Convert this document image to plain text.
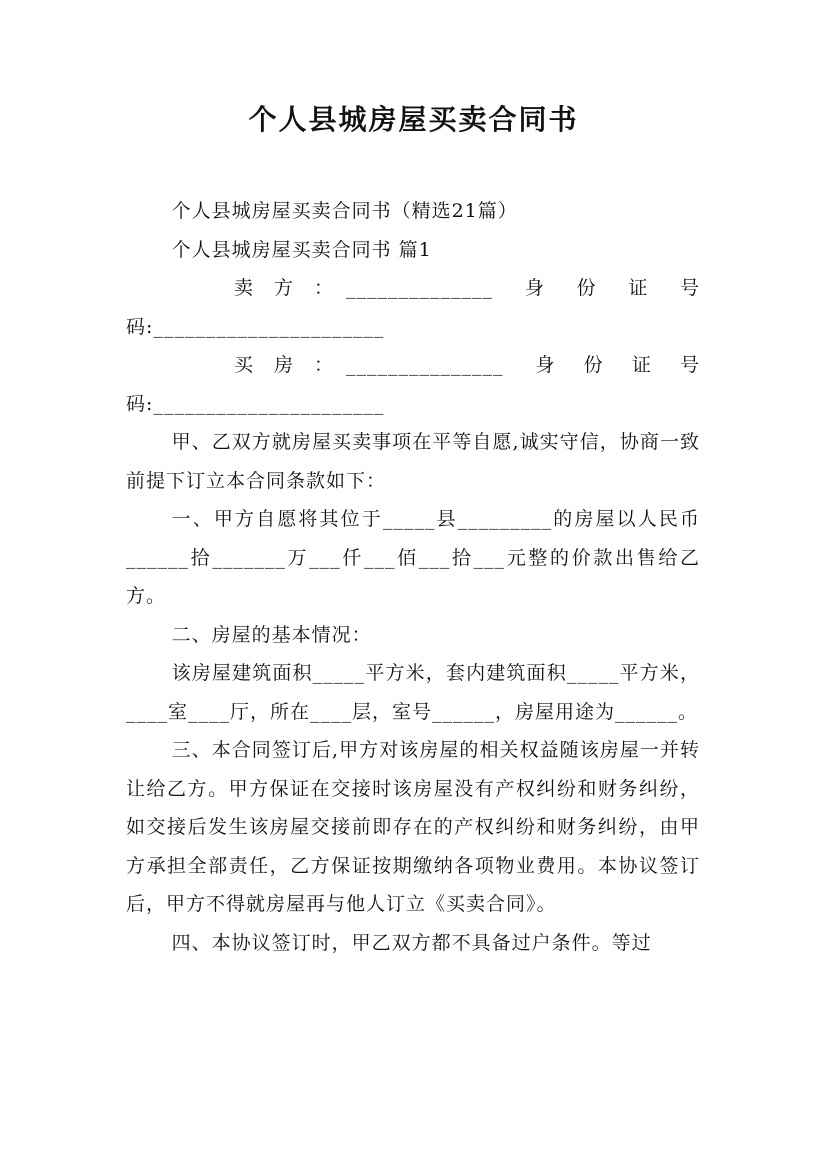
个人县城房屋买卖合同书

个人县城房屋买卖合同书（精选21篇）

个人县城房屋买卖合同书 篇1

卖　方　： ______________ 身 份 证 号

码:______________________

买　房　： _______________ 身 份 证 号

码:______________________

甲、乙双方就房屋买卖事项在平等自愿,诚实守信，协商一致前提下订立本合同条款如下：

一、甲方自愿将其位于_____县_________的房屋以人民币______拾_______万___仟___佰___拾___元整的价款出售给乙方。

二、房屋的基本情况：

该房屋建筑面积_____平方米，套内建筑面积_____平方米，____室____厅，所在____层，室号______，房屋用途为______。

三、本合同签订后,甲方对该房屋的相关权益随该房屋一并转让给乙方。甲方保证在交接时该房屋没有产权纠纷和财务纠纷，如交接后发生该房屋交接前即存在的产权纠纷和财务纠纷，由甲方承担全部责任，乙方保证按期缴纳各项物业费用。本协议签订后，甲方不得就房屋再与他人订立《买卖合同》。

四、本协议签订时，甲乙双方都不具备过户条件。等过
